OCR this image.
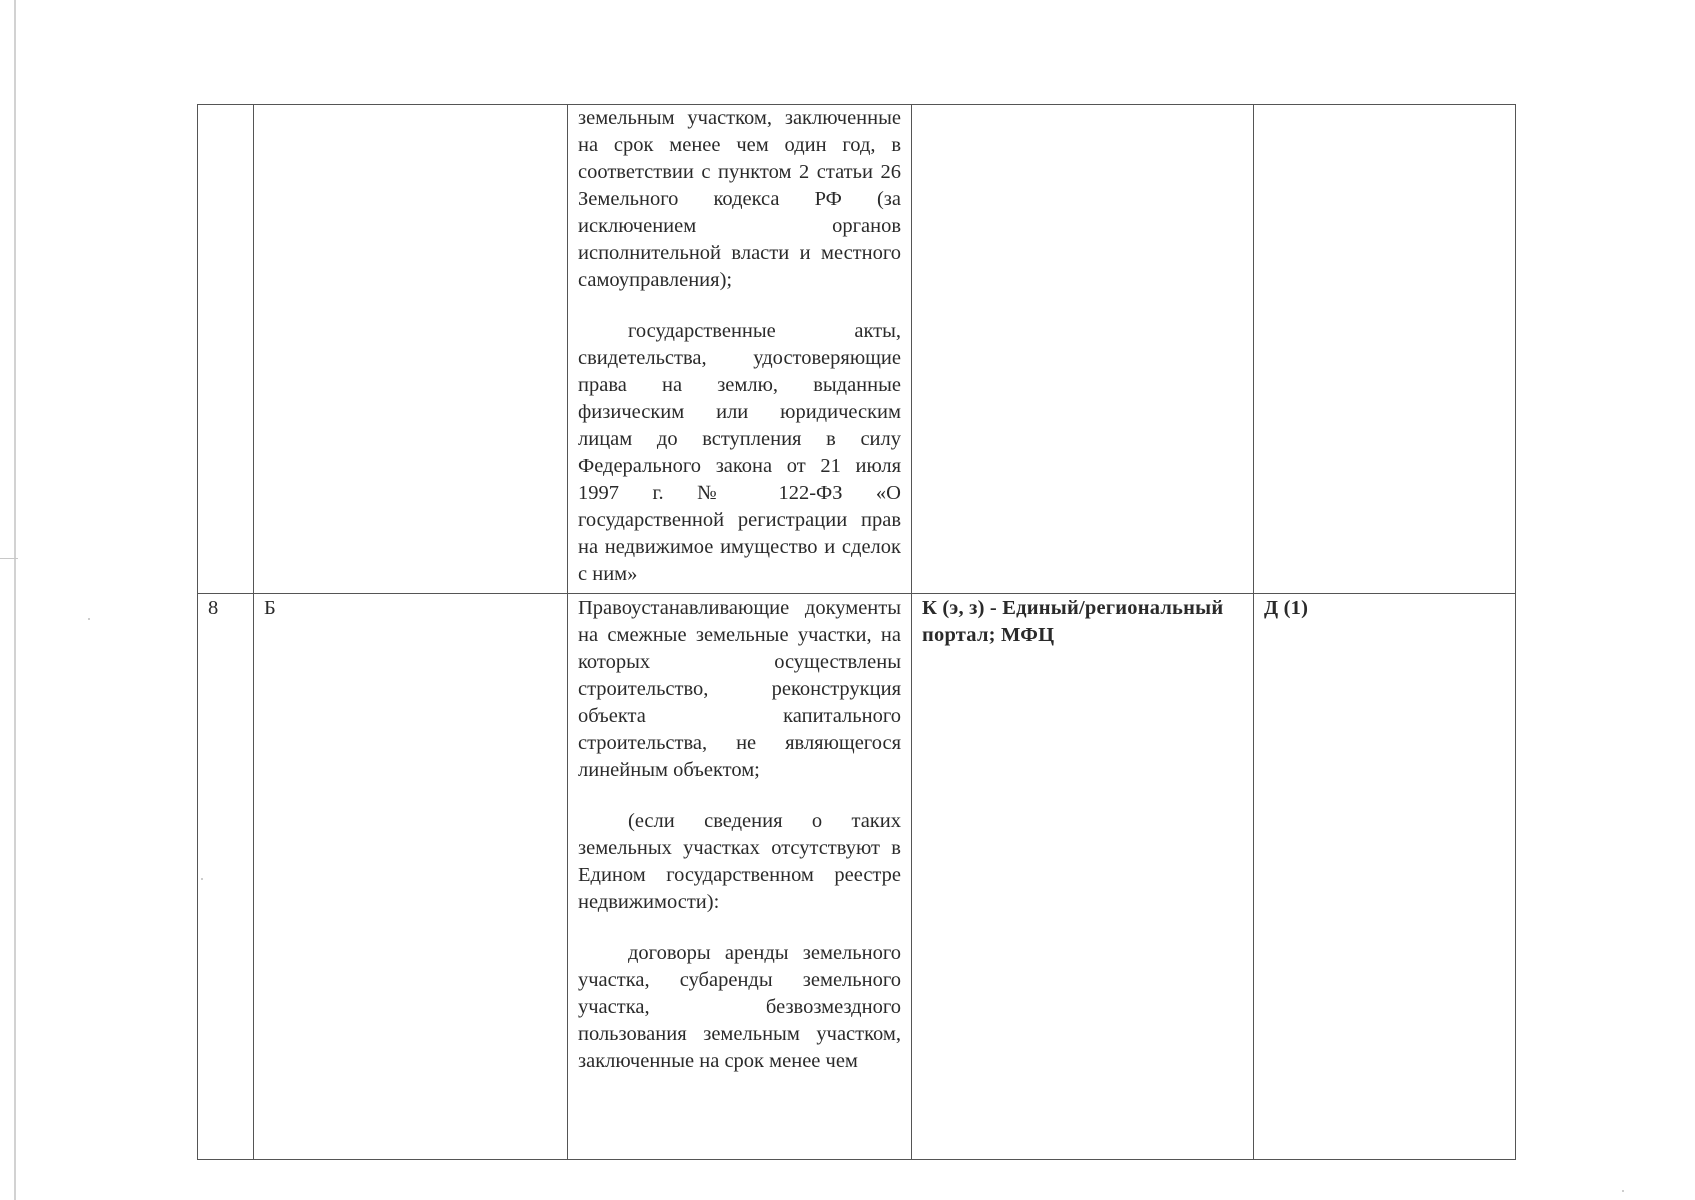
		земельным участком, заключенные на срок менее чем один год, в соответствии с пунктом 2 статьи 26 Земельного кодекса РФ (за исключением органов исполнительной власти и местного самоуправления);

государственные акты, свидетельства, удостоверяющие права на землю, выданные физическим или юридическим лицам до вступления в силу Федерального закона от 21 июля 1997 г. № 122-ФЗ «О государственной регистрации прав на недвижимое имущество и сделок с ним»		

8	Б	Правоустанавливающие документы на смежные земельные участки, на которых осуществлены строительство, реконструкция объекта капитального строительства, не являющегося линейным объектом;

(если сведения о таких земельных участках отсутствуют в Едином государственном реестре недвижимости):

договоры аренды земельного участка, субаренды земельного участка, безвозмездного пользования земельным участком, заключенные на срок менее чем	К (э, з) - Единый/региональный портал; МФЦ	Д (1)
